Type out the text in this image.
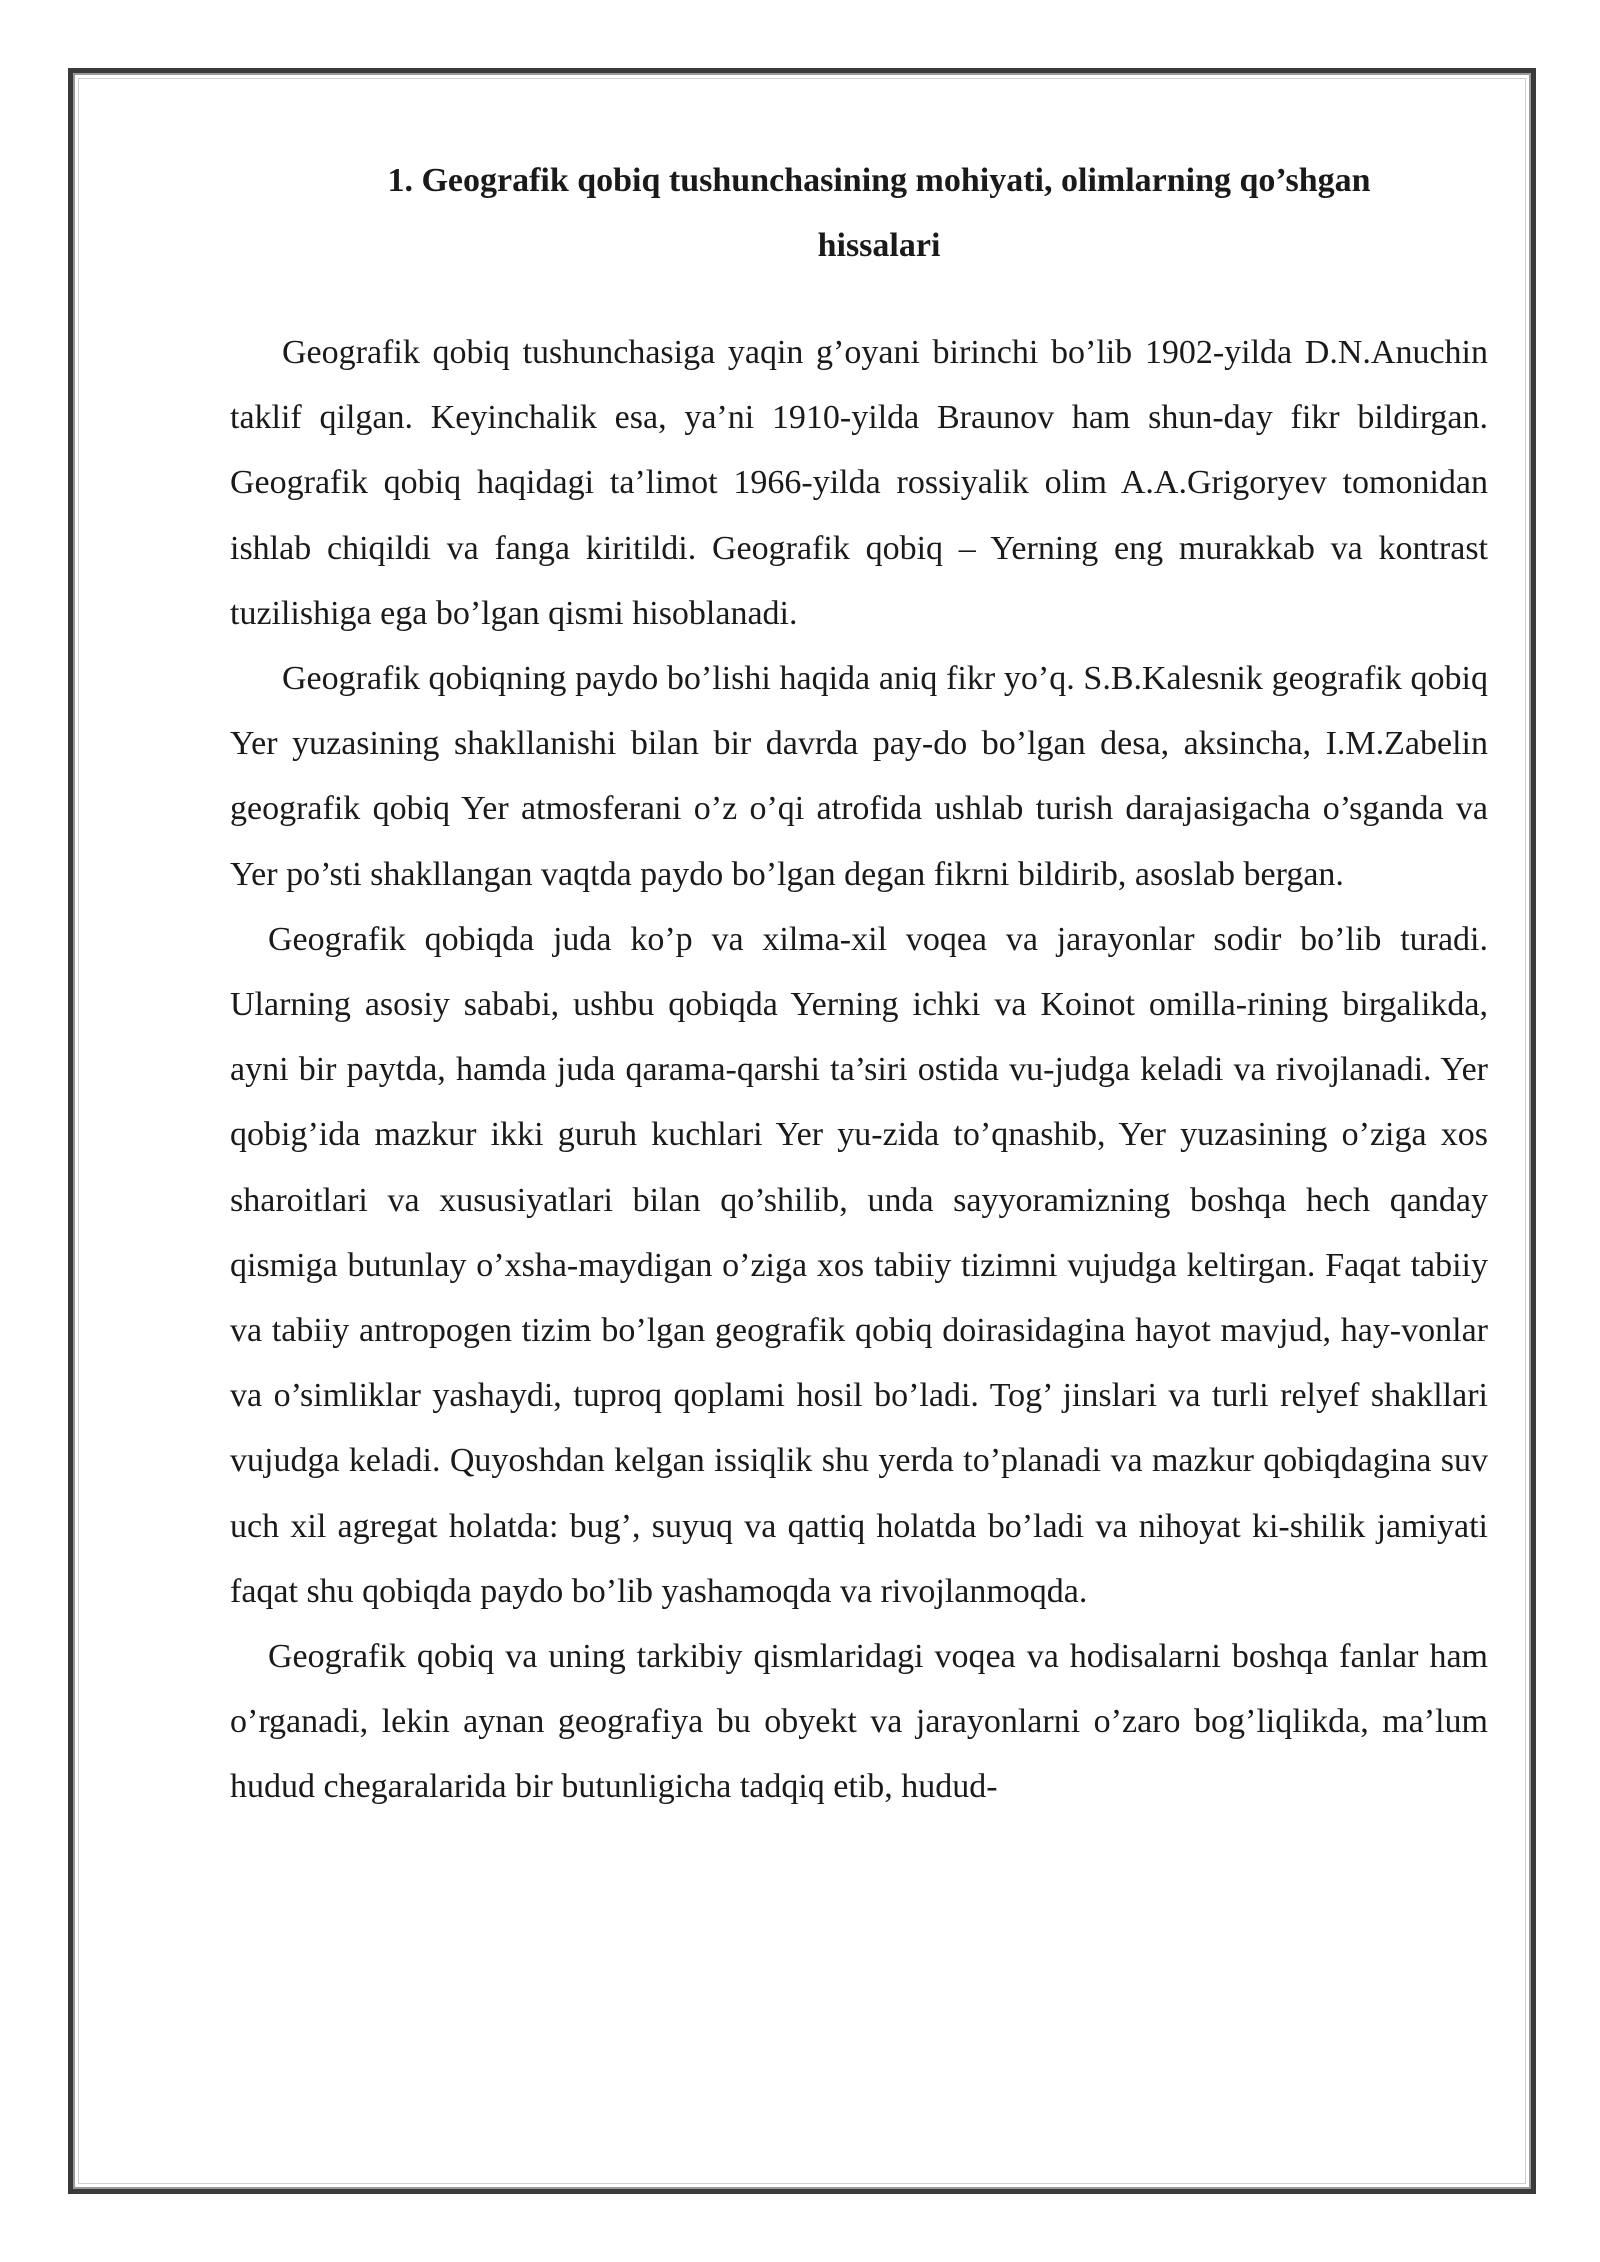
1. Geografik qobiq tushunchasining mohiyati, olimlarning qo’shgan
hissalari

Geografik qobiq tushunchasiga yaqin g’oyani birinchi bo’lib 1902-yilda D.N.Anuchin taklif qilgan. Keyinchalik esa, ya’ni 1910-yilda Braunov ham shun-day fikr bildirgan. Geografik qobiq haqidagi ta’limot 1966-yilda rossiyalik olim A.A.Grigoryev tomonidan ishlab chiqildi va fanga kiritildi. Geografik qobiq – Yerning eng murakkab va kontrast tuzilishiga ega bo’lgan qismi hisoblanadi.

Geografik qobiqning paydo bo’lishi haqida aniq fikr yo’q. S.B.Kalesnik geografik qobiq Yer yuzasining shakllanishi bilan bir davrda pay-do bo’lgan desa, aksincha, I.M.Zabelin geografik qobiq Yer atmosferani o’z o’qi atrofida ushlab turish darajasigacha o’sganda va Yer po’sti shakllangan vaqtda paydo bo’lgan degan fikrni bildirib, asoslab bergan.

Geografik qobiqda juda ko’p va xilma-xil voqea va jarayonlar sodir bo’lib turadi. Ularning asosiy sababi, ushbu qobiqda Yerning ichki va Koinot omilla-rining birgalikda, ayni bir paytda, hamda juda qarama-qarshi ta’siri ostida vu-judga keladi va rivojlanadi. Yer qobig’ida mazkur ikki guruh kuchlari Yer yu-zida to’qnashib, Yer yuzasining o’ziga xos sharoitlari va xususiyatlari bilan qo’shilib, unda sayyoramizning boshqa hech qanday qismiga butunlay o’xsha-maydigan o’ziga xos tabiiy tizimni vujudga keltirgan. Faqat tabiiy va tabiiy antropogen tizim bo’lgan geografik qobiq doirasidagina hayot mavjud, hay-vonlar va o’simliklar yashaydi, tuproq qoplami hosil bo’ladi. Tog’ jinslari va turli relyef shakllari vujudga keladi. Quyoshdan kelgan issiqlik shu yerda to’planadi va mazkur qobiqdagina suv uch xil agregat holatda: bug’, suyuq va qattiq holatda bo’ladi va nihoyat ki-shilik jamiyati faqat shu qobiqda paydo bo’lib yashamoqda va rivojlanmoqda.

Geografik qobiq va uning tarkibiy qismlaridagi voqea va hodisalarni boshqa fanlar ham o’rganadi, lekin aynan geografiya bu obyekt va jarayonlarni o’zaro bog’liqlikda, ma’lum hudud chegaralarida bir butunligicha tadqiq etib, hudud-
